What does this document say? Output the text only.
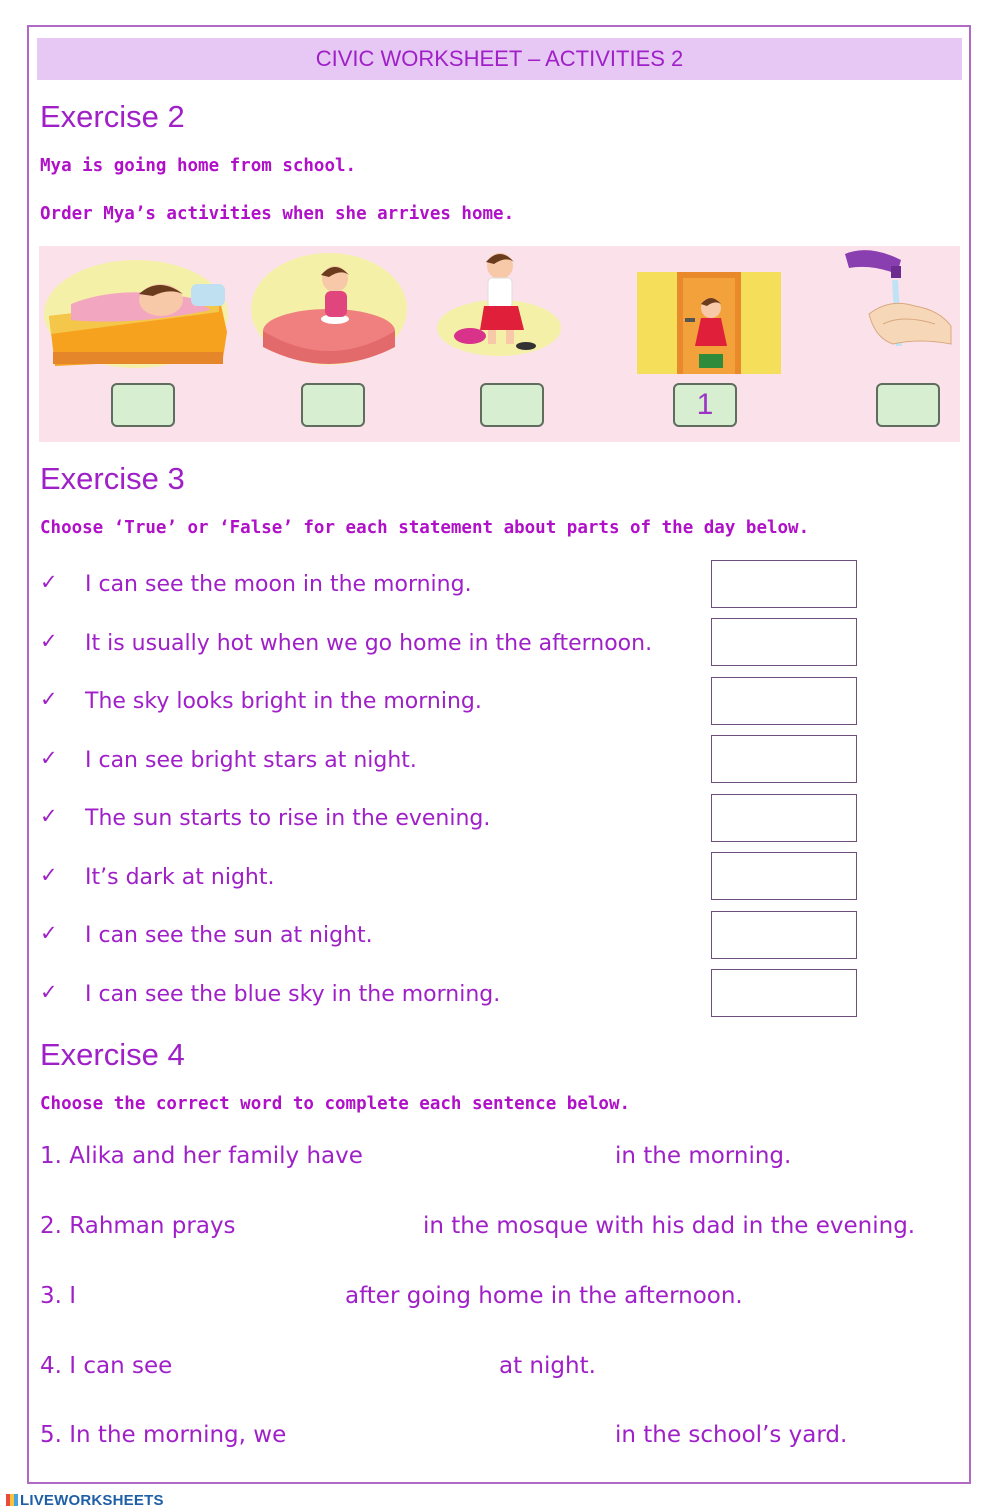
CIVIC WORKSHEET – ACTIVITIES 2
Exercise 2
Mya is going home from school.
Order Mya’s activities when she arrives home.
1
Exercise 3
Choose ‘True’ or ‘False’ for each statement about parts of the day below.
✓ I can see the moon in the morning.
✓ It is usually hot when we go home in the afternoon.
✓ The sky looks bright in the morning.
✓ I can see bright stars at night.
✓ The sun starts to rise in the evening.
✓ It’s dark at night.
✓ I can see the sun at night.
✓ I can see the blue sky in the morning.
Exercise 4
Choose the correct word to complete each sentence below.
1. Alika and her family have	in the morning.
2. Rahman prays	in the mosque with his dad in the evening.
3. I	after going home in the afternoon.
4. I can see	at night.
5. In the morning, we	in the school’s yard.
LIVEWORKSHEETS
